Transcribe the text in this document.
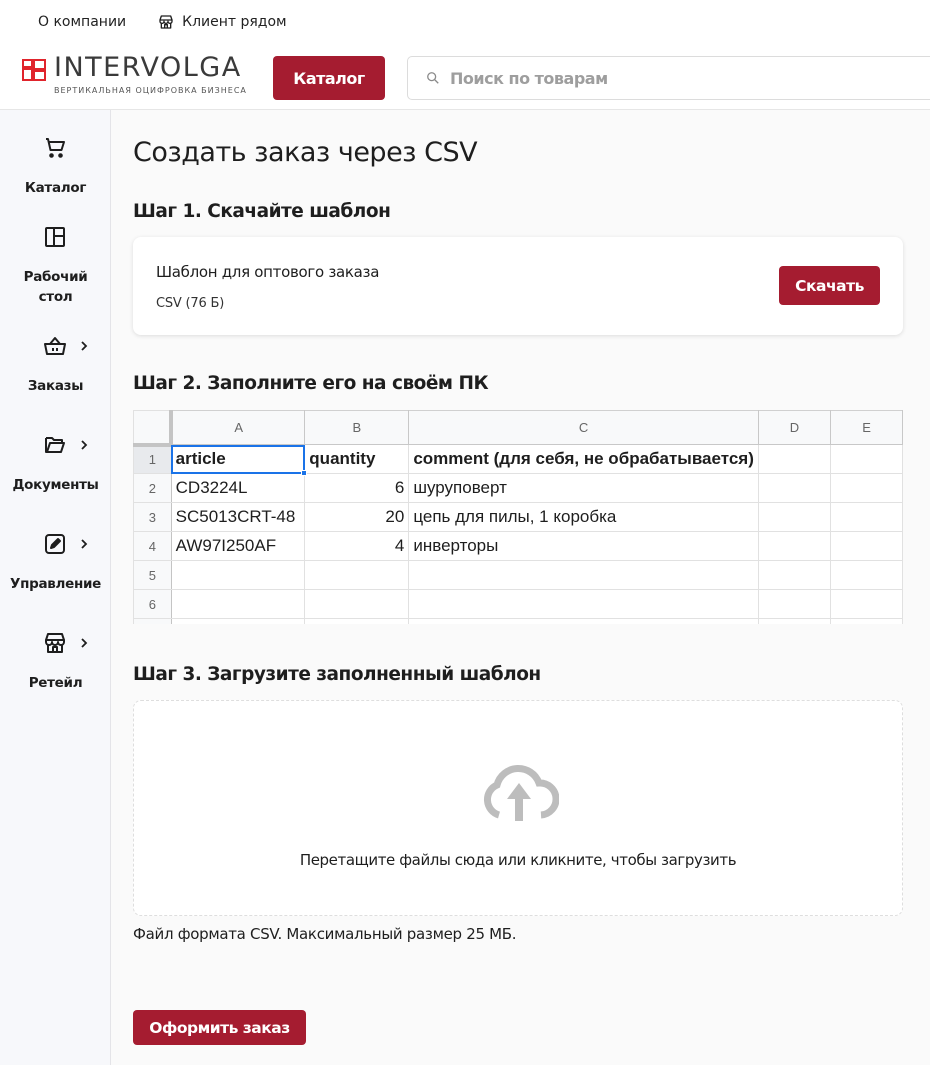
О компании	Клиент рядом
INTERVOLGA
ВЕРТИКАЛЬНАЯ ОЦИФРОВКА БИЗНЕСА
Каталог
Поиск по товарам
Каталог
Рабочий стол
Заказы
Документы
Управление
Ретейл
Создать заказ через CSV
Шаг 1. Скачайте шаблон
Шаблон для оптового заказа
CSV (76 Б)
Скачать
Шаг 2. Заполните его на своём ПК
	A	B	C	D	E
1	article	quantity	comment (для себя, не обрабатывается)		
2	CD3224L	6	шуруповерт		
3	SC5013CRT-48	20	цепь для пилы, 1 коробка		
4	AW97I250AF	4	инверторы		
5					
6					

Шаг 3. Загрузите заполненный шаблон
Перетащите файлы сюда или кликните, чтобы загрузить
Файл формата CSV. Максимальный размер 25 МБ.
Оформить заказ
